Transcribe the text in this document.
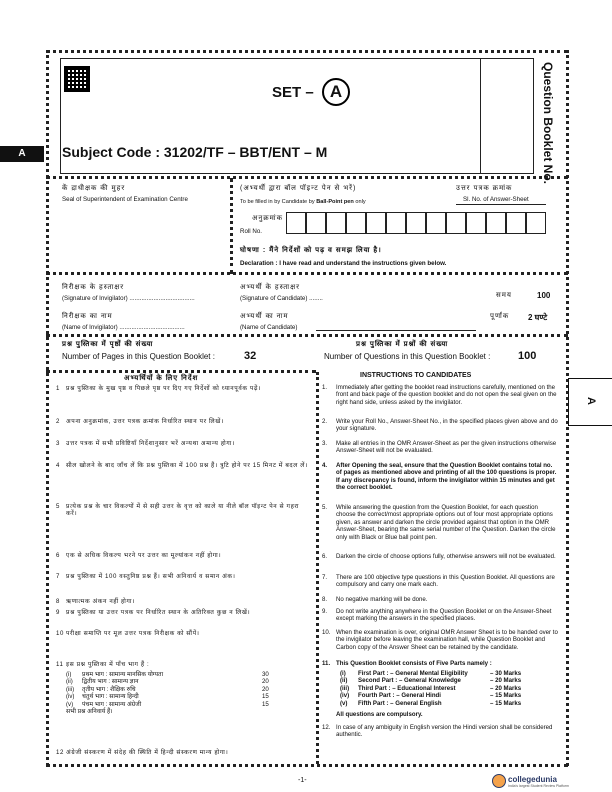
SET – A	Question Booklet No.
A
A
Subject Code : 31202/TF – BBT/ENT – M
कें द्राधीक्षक की मुहर
Seal of Superintendent of Examination Centre
(अभ्यर्थी द्वारा बॉल पॉइन्ट पेन से भरें)
To be filled in by Candidate by Ball-Point pen only
उत्तर पत्रक क्रमांक
Sl. No. of Answer-Sheet
अनुक्रमांक
Roll No.
घोषणा : मैंने निर्देशों को पढ़ व समझ लिया है।
Declaration : I have read and understand the instructions given below.
निरीक्षक के हस्ताक्षर
(Signature of Invigilator) ......................................
अभ्यर्थी के हस्ताक्षर
(Signature of Candidate) ........	समय	100
निरीक्षक का नाम
(Name of Invigilator) ......................................
अभ्यर्थी का नाम
(Name of Candidate)
पूर्णांक 2 घण्टे
प्रश्न पुस्तिका में पृष्ठों की संख्या
Number of Pages in this Question Booklet :	32
प्रश्न पुस्तिका में प्रश्नों की संख्या
Number of Questions in this Question Booklet :	100
अभ्यर्थियों के लिए निर्देश
1 प्रश्न पुस्तिका के मुख पृष्ठ व पिछले पृष्ठ पर दिए गए निर्देशों को ध्यानपूर्वक पढ़ें।
2 अपना अनुक्रमांक, उत्तर पत्रक क्रमांक निर्धारित स्थान पर लिखें।
3 उत्तर पत्रक में सभी प्रविष्टियाँ निर्देशानुसार भरें अन्यथा अमान्य होगा।
4 सील खोलने के बाद जाँच लें कि प्रश्न पुस्तिका में 100 प्रश्न हैं। त्रुटि होने पर 15 मिनट में बदल लें।
5 प्रत्येक प्रश्न के चार विकल्पों में से सही उत्तर के वृत्त को काले या नीले बॉल पॉइन्ट पेन से गहरा करें।
6 एक से अधिक विकल्प भरने पर उत्तर का मूल्यांकन नहीं होगा।
7 प्रश्न पुस्तिका में 100 वस्तुनिष्ठ प्रश्न हैं। सभी अनिवार्य व समान अंक।
8 ऋणात्मक अंकन नहीं होगा।
9 प्रश्न पुस्तिका या उत्तर पत्रक पर निर्धारित स्थान के अतिरिक्त कुछ न लिखें।
10 परीक्षा समाप्ति पर मूल उत्तर पत्रक निरीक्षक को सौंपें।
11 इस प्रश्न पुस्तिका में पाँच भाग हैं :
(i)	प्रथम भाग : सामान्य मानसिक योग्यता	30
(ii)	द्वितीय भाग : सामान्य ज्ञान	20
(iii)	तृतीय भाग : शैक्षिक रुचि	20
(iv)	चतुर्थ भाग : सामान्य हिन्दी	15
(v)	पंचम भाग : सामान्य अंग्रेजी	15
सभी प्रश्न अनिवार्य हैं।
12 अंग्रेजी संस्करण में संदेह की स्थिति में हिन्दी संस्करण मान्य होगा।
INSTRUCTIONS TO CANDIDATES
1. Immediately after getting the booklet read instructions carefully, mentioned on the front and back page of the question booklet and do not open the seal given on the right hand side, unless asked by the invigilator.
2. Write your Roll No., Answer-Sheet No., in the specified places given above and do your signature.
3. Make all entries in the OMR Answer-Sheet as per the given instructions otherwise Answer-Sheet will not be evaluated.
4. After Opening the seal, ensure that the Question Booklet contains total no. of pages as mentioned above and printing of all the 100 questions is proper. If any discrepancy is found, inform the invigilator within 15 minutes and get the correct booklet.
5. While answering the question from the Question Booklet, for each question choose the correct/most appropriate options out of four most appropriate options given, as answer and darken the circle provided against that option in the OMR Answer-Sheet, bearing the same serial number of the Question. Darken the circle only with Black or Blue ball point pen.
6. Darken the circle of choose options fully, otherwise answers will not be evaluated.
7. There are 100 objective type questions in this Question Booklet. All questions are compulsory and carry one mark each.
8. No negative marking will be done.
9. Do not write anything anywhere in the Question Booklet or on the Answer-Sheet except marking the answers in the specified places.
10. When the examination is over, original OMR Answer Sheet is to be handed over to the invigilator before leaving the examination hall, while Question Booklet and Carbon copy of the Answer Sheet can be retained by the candidate.
11. This Question Booklet consists of Five Parts namely :
(i)	First Part : – General Mental Eligibility	– 30 Marks
(ii)	Second Part : – General Knowledge	– 20 Marks
(iii)	Third Part : – Educational Interest	– 20 Marks
(iv)	Fourth Part : – General Hindi	– 15 Marks
(v)	Fifth Part : – General English	– 15 Marks
All questions are compulsory.
12. In case of any ambiguity in English version the Hindi version shall be considered authentic.
-1-	collegedunia
India's largest Student Review Platform
